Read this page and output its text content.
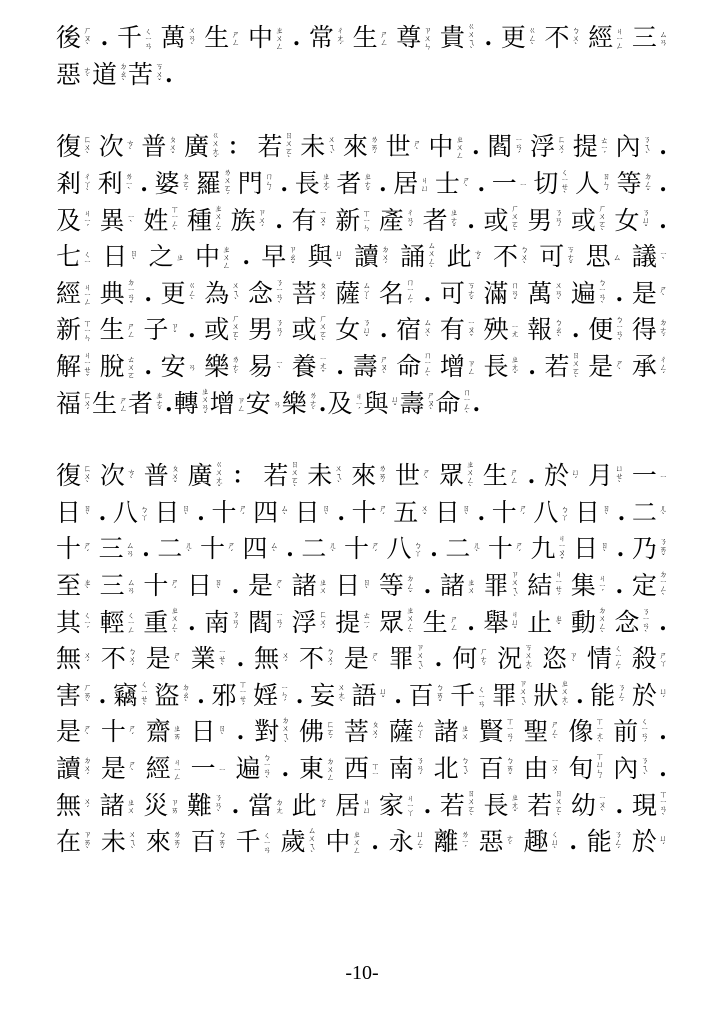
後 ㄏㄡˋ . 千 ㄑㄧㄢ 萬 ㄨㄢˋ 生 ㄕㄥ 中 ㄓㄨㄥ . 常 ㄔㄤˊ 生 ㄕㄥ 尊 ㄗㄨㄣ 貴 ㄍㄨㄟˋ . 更 ㄍㄥˋ 不 ㄅㄨˋ 經 ㄐㄧㄥ 三 ㄙㄢ
惡 ㄜˋ 道 ㄉㄠˋ 苦 ㄎㄨˇ .
復 ㄈㄨˋ 次 ㄘˋ 普 ㄆㄨˇ 廣 ㄍㄨㄤˇ ： 若 ㄖㄨㄛˋ 未 ㄨㄟˋ 來 ㄌㄞˊ 世 ㄕˋ 中 ㄓㄨㄥ . 閻 ㄧㄢˊ 浮 ㄈㄨˊ 提 ㄊㄧˊ 內 ㄋㄟˋ .
剎 ㄔㄚˋ 利 ㄌㄧˋ . 婆 ㄆㄛˊ 羅 ㄌㄨㄛˊ 門 ㄇㄣˊ . 長 ㄓㄤˇ 者 ㄓㄜˇ . 居 ㄐㄩ 士 ㄕˋ . 一 ㄧ 切 ㄑㄧㄝˋ 人 ㄖㄣˊ 等 ㄉㄥˇ .
及 ㄐㄧˊ 異 ㄧˋ 姓 ㄒㄧㄥˋ 種 ㄓㄨㄥˇ 族 ㄗㄨˊ . 有 ㄧㄡˇ 新 ㄒㄧㄣ 產 ㄔㄢˇ 者 ㄓㄜˇ . 或 ㄏㄨㄛˋ 男 ㄋㄢˊ 或 ㄏㄨㄛˋ 女 ㄋㄩˇ .
七 ㄑㄧ 日 ㄖˋ 之 ㄓ 中 ㄓㄨㄥ . 早 ㄗㄠˇ 與 ㄩˇ 讀 ㄉㄨˊ 誦 ㄙㄨㄥˋ 此 ㄘˇ 不 ㄅㄨˋ 可 ㄎㄜˇ 思 ㄙ 議 ㄧˋ
經 ㄐㄧㄥ 典 ㄉㄧㄢˇ . 更 ㄍㄥˋ 為 ㄨㄟˋ 念 ㄋㄧㄢˋ 菩 ㄆㄨˊ 薩 ㄙㄚˋ 名 ㄇㄧㄥˊ . 可 ㄎㄜˇ 滿 ㄇㄢˇ 萬 ㄨㄢˋ 遍 ㄅㄧㄢˋ . 是 ㄕˋ
新 ㄒㄧㄣ 生 ㄕㄥ 子 ㄗˇ . 或 ㄏㄨㄛˋ 男 ㄋㄢˊ 或 ㄏㄨㄛˋ 女 ㄋㄩˇ . 宿 ㄙㄨˋ 有 ㄧㄡˇ 殃 ㄧㄤ 報 ㄅㄠˋ . 便 ㄅㄧㄢˋ 得 ㄉㄜˊ
解 ㄐㄧㄝˇ 脫 ㄊㄨㄛ . 安 ㄢ 樂 ㄌㄜˋ 易 ㄧˋ 養 ㄧㄤˇ . 壽 ㄕㄡˋ 命 ㄇㄧㄥˋ 增 ㄗㄥ 長 ㄓㄤˇ . 若 ㄖㄨㄛˋ 是 ㄕˋ 承 ㄔㄥˊ
福 ㄈㄨˊ 生 ㄕㄥ 者 ㄓㄜˇ . 轉 ㄓㄨㄢˇ 增 ㄗㄥ 安 ㄢ 樂 ㄌㄜˋ . 及 ㄐㄧˊ 與 ㄩˇ 壽 ㄕㄡˋ 命 ㄇㄧㄥˋ .
復 ㄈㄨˋ 次 ㄘˋ 普 ㄆㄨˇ 廣 ㄍㄨㄤˇ ： 若 ㄖㄨㄛˋ 未 ㄨㄟˋ 來 ㄌㄞˊ 世 ㄕˋ 眾 ㄓㄨㄥˋ 生 ㄕㄥ . 於 ㄩˊ 月 ㄩㄝˋ 一 ㄧ
日 ㄖˋ . 八 ㄅㄚ 日 ㄖˋ . 十 ㄕˊ 四 ㄙˋ 日 ㄖˋ . 十 ㄕˊ 五 ㄨˇ 日 ㄖˋ . 十 ㄕˊ 八 ㄅㄚ 日 ㄖˋ . 二 ㄦˋ
十 ㄕˊ 三 ㄙㄢ . 二 ㄦˋ 十 ㄕˊ 四 ㄙˋ . 二 ㄦˋ 十 ㄕˊ 八 ㄅㄚ . 二 ㄦˋ 十 ㄕˊ 九 ㄐㄧㄡˇ 日 ㄖˋ . 乃 ㄋㄞˇ
至 ㄓˋ 三 ㄙㄢ 十 ㄕˊ 日 ㄖˋ . 是 ㄕˋ 諸 ㄓㄨ 日 ㄖˋ 等 ㄉㄥˇ . 諸 ㄓㄨ 罪 ㄗㄨㄟˋ 結 ㄐㄧㄝˊ 集 ㄐㄧˊ . 定 ㄉㄧㄥˋ
其 ㄑㄧˊ 輕 ㄑㄧㄥ 重 ㄓㄨㄥˋ . 南 ㄋㄢˊ 閻 ㄧㄢˊ 浮 ㄈㄨˊ 提 ㄊㄧˊ 眾 ㄓㄨㄥˋ 生 ㄕㄥ . 舉 ㄐㄩˇ 止 ㄓˇ 動 ㄉㄨㄥˋ 念 ㄋㄧㄢˋ .
無 ㄨˊ 不 ㄅㄨˊ 是 ㄕˋ 業 ㄧㄝˋ . 無 ㄨˊ 不 ㄅㄨˊ 是 ㄕˋ 罪 ㄗㄨㄟˋ . 何 ㄏㄜˊ 況 ㄎㄨㄤˋ 恣 ㄗˋ 情 ㄑㄧㄥˊ 殺 ㄕㄚ
害 ㄏㄞˋ . 竊 ㄑㄧㄝˋ 盜 ㄉㄠˋ . 邪 ㄒㄧㄝˊ 婬 ㄧㄣˊ . 妄 ㄨㄤˋ 語 ㄩˇ . 百 ㄅㄞˇ 千 ㄑㄧㄢ 罪 ㄗㄨㄟˋ 狀 ㄓㄨㄤˋ . 能 ㄋㄥˊ 於 ㄩˊ
是 ㄕˋ 十 ㄕˊ 齋 ㄓㄞ 日 ㄖˋ . 對 ㄉㄨㄟˋ 佛 ㄈㄛˊ 菩 ㄆㄨˊ 薩 ㄙㄚˋ 諸 ㄓㄨ 賢 ㄒㄧㄢˊ 聖 ㄕㄥˋ 像 ㄒㄧㄤˋ 前 ㄑㄧㄢˊ .
讀 ㄉㄨˊ 是 ㄕˋ 經 ㄐㄧㄥ 一 ㄧ 遍 ㄅㄧㄢˋ . 東 ㄉㄨㄥ 西 ㄒㄧ 南 ㄋㄢˊ 北 ㄅㄟˇ 百 ㄅㄞˇ 由 ㄧㄡˊ 旬 ㄒㄩㄣˊ 內 ㄋㄟˋ .
無 ㄨˊ 諸 ㄓㄨ 災 ㄗㄞ 難 ㄋㄢˋ . 當 ㄉㄤ 此 ㄘˇ 居 ㄐㄩ 家 ㄐㄧㄚ . 若 ㄖㄨㄛˋ 長 ㄓㄤˇ 若 ㄖㄨㄛˋ 幼 ㄧㄡˋ . 現 ㄒㄧㄢˋ
在 ㄗㄞˋ 未 ㄨㄟˋ 來 ㄌㄞˊ 百 ㄅㄞˇ 千 ㄑㄧㄢ 歲 ㄙㄨㄟˋ 中 ㄓㄨㄥ . 永 ㄩㄥˇ 離 ㄌㄧˊ 惡 ㄜˋ 趣 ㄑㄩˋ . 能 ㄋㄥˊ 於 ㄩˊ
-10-
